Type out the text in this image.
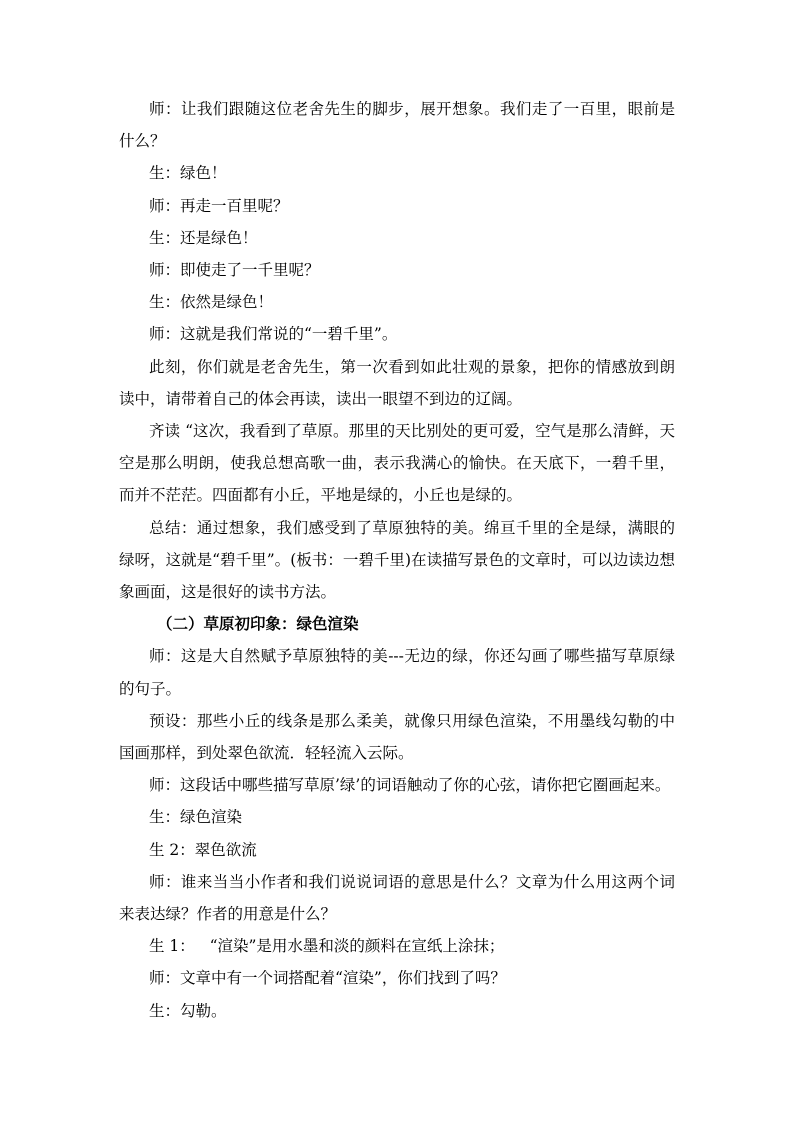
师：让我们跟随这位老舍先生的脚步，展开想象。我们走了一百里，眼前是什么？

生：绿色！

师：再走一百里呢？

生：还是绿色！

师：即使走了一千里呢？

生：依然是绿色！

师：这就是我们常说的“一碧千里”。

此刻，你们就是老舍先生，第一次看到如此壮观的景象，把你的情感放到朗读中，请带着自己的体会再读，读出一眼望不到边的辽阔。

齐读 “这次，我看到了草原。那里的天比别处的更可爱，空气是那么清鲜，天空是那么明朗，使我总想高歌一曲，表示我满心的愉快。在天底下，一碧千里，而并不茫茫。四面都有小丘，平地是绿的，小丘也是绿的。

总结：通过想象，我们感受到了草原独特的美。绵亘千里的全是绿，满眼的绿呀，这就是“碧千里”。(板书：一碧千里)在读描写景色的文章时，可以边读边想象画面，这是很好的读书方法。

（二）草原初印象：绿色渲染

师：这是大自然赋予草原独特的美---无边的绿，你还勾画了哪些描写草原绿的句子。

预设：那些小丘的线条是那么柔美，就像只用绿色渲染，不用墨线勾勒的中国画那样，到处翠色欲流．轻轻流入云际。

师：这段话中哪些描写草原’绿’的词语触动了你的心弦，请你把它圈画起来。

生：绿色渲染

生 2：翠色欲流

师：谁来当当小作者和我们说说词语的意思是什么？文章为什么用这两个词来表达绿？作者的用意是什么？

生 1：   “渲染”是用水墨和淡的颜料在宣纸上涂抹；

师：文章中有一个词搭配着“渲染”，你们找到了吗？

生：勾勒。
